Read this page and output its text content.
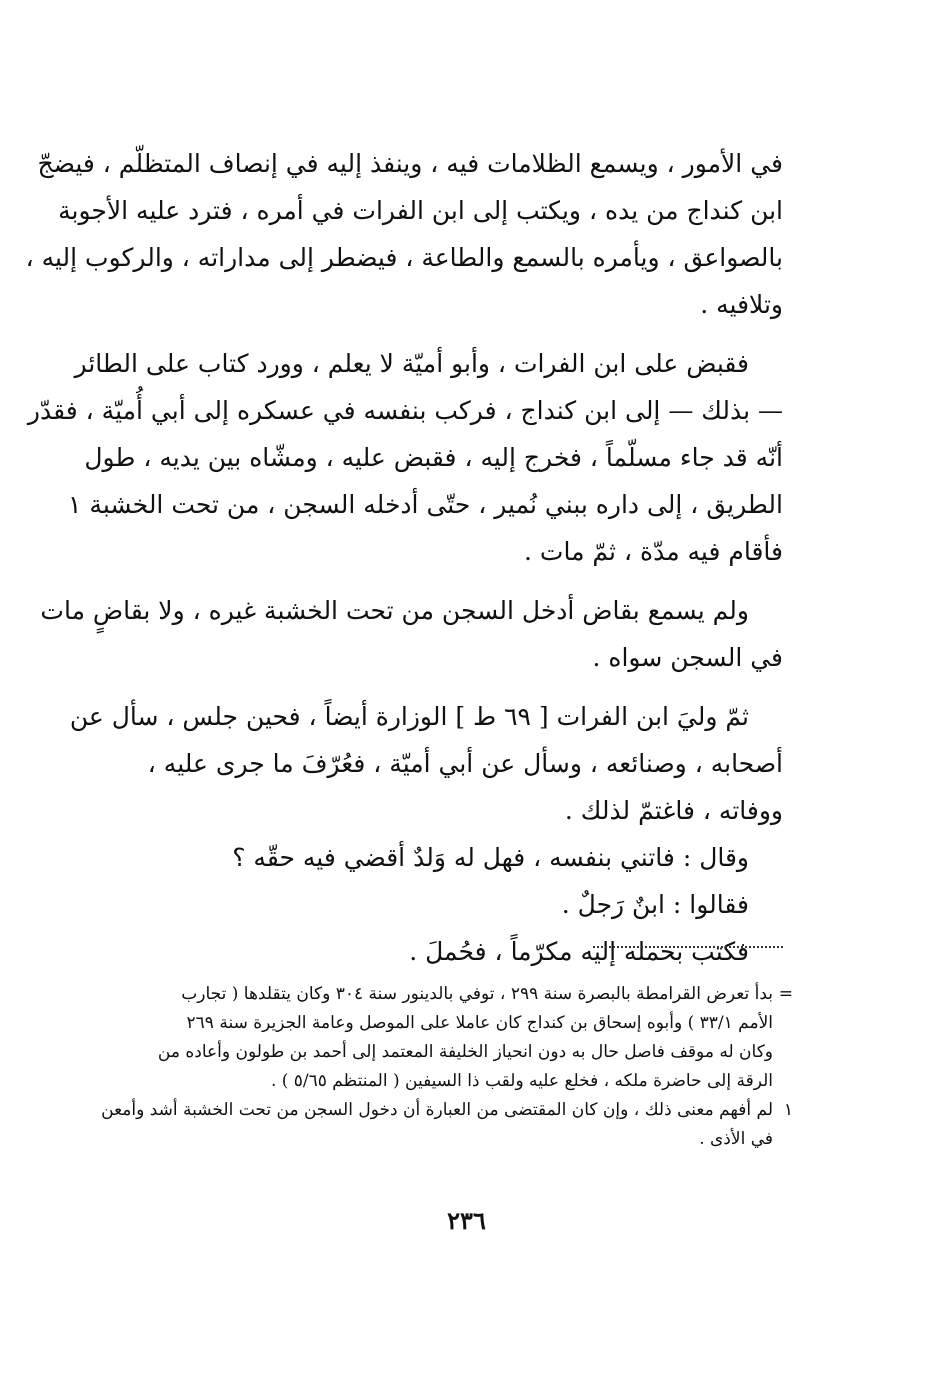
في الأمور ، ويسمع الظلامات فيه ، وينفذ إليه في إنصاف المتظلّم ، فيضجّ
ابن كنداج من يده ، ويكتب إلى ابن الفرات في أمره ، فترد عليه الأجوبة
بالصواعق ، ويأمره بالسمع والطاعة ، فيضطر إلى مداراته ، والركوب إليه ،
وتلافيه .

فقبض على ابن الفرات ، وأبو أميّة لا يعلم ، وورد كتاب على الطائر
— بذلك — إلى ابن كنداج ، فركب بنفسه في عسكره إلى أبي أُميّة ، فقدّر
أنّه قد جاء مسلّماً ، فخرج إليه ، فقبض عليه ، ومشّاه بين يديه ، طول
الطريق ، إلى داره ببني نُمير ، حتّى أدخله السجن ، من تحت الخشبة ١
فأقام فيه مدّة ، ثمّ مات .

ولم يسمع بقاض أدخل السجن من تحت الخشبة غيره ، ولا بقاضٍ مات
في السجن سواه .

ثمّ وليَ ابن الفرات [ ٦٩ ط ] الوزارة أيضاً ، فحين جلس ، سأل عن
أصحابه ، وصنائعه ، وسأل عن أبي أميّة ، فعُرّفَ ما جرى عليه ،
ووفاته ، فاغتمّ لذلك .

وقال : فاتني بنفسه ، فهل له وَلدٌ أقضي فيه حقّه ؟
فقالوا : ابنٌ رَجلٌ .
فكتب بحمله إليه مكرّماً ، فحُملَ .
=بدأ تعرض القرامطة بالبصرة سنة ٢٩٩ ، توفي بالدينور سنة ٣٠٤ وكان يتقلدها ( تجارب
الأمم ٣٣/١ ) وأبوه إسحاق بن كنداج كان عاملا على الموصل وعامة الجزيرة سنة ٢٦٩
وكان له موقف فاصل حال به دون انحياز الخليفة المعتمد إلى أحمد بن طولون وأعاده من
الرقة إلى حاضرة ملكه ، فخلع عليه ولقب ذا السيفين ( المنتظم ٥/٦٥ ) .
١لم أفهم معنى ذلك ، وإن كان المقتضى من العبارة أن دخول السجن من تحت الخشبة أشد وأمعن
في الأذى .
٢٣٦
